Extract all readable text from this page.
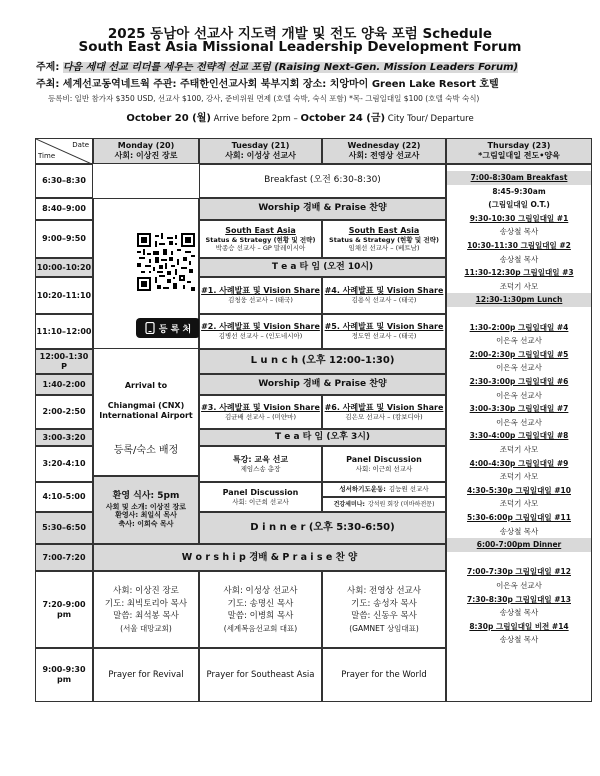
2025 동남아 선교사 지도력 개발 및 전도 양육 포럼 Schedule
South East Asia Missional Leadership Development Forum
주제: 다음 세대 선교 리더를 세우는 전략적 선교 포럼 (Raising Next-Gen. Mission Leaders Forum)
주최: 세계선교동역네트웍 주관: 주태한인선교사회 북부지회 장소: 치앙마이 Green Lake Resort 호텔
등록비: 일반 참가자 $350 USD, 선교사 $100, 강사, 준비위원 면제 (호텔 숙박, 숙식 포함) *목- 그림일대일 $100 (호텔 숙박 숙식)
October 20 (월) Arrive before 2pm – October 24 (금) City Tour/ Departure
Date
Time
Monday (20)
사회: 이상진 장로
Tuesday (21)
사회: 이성상 선교사
Wednesday (22)
사회: 전영상 선교사
Thursday (23)
*그림일대일 전도•양육
6:30–8:30
8:40–9:00
9:00–9:50
10:00-10:20
10:20-11:10
11:10–12:00
12:00-1:30 P
1:40-2:00
2:00-2:50
3:00-3:20
3:20-4:10
4:10-5:00
5:30–6:50
7:00-7:20
7:20-9:00 pm
9:00-9:30 pm
Arrival to
Chiangmai (CNX)
International Airport
등록/숙소 배정
환영 식사: 5pm
사회 및 소개: 이상진 장로
환영사: 최일식 목사
축사: 이희숙 목사
등 록 처
Breakfast (오전 6:30-8:30)
Worship 경배 & Praise 찬양
South East Asia
Status & Strategy (현황 및 전략)
박종승 선교사 – GP 말레이시아
South East Asia
Status & Strategy (현황 및 전략)
임채선 선교사 – (베트남)
T e a 타 임 (오전 10시)
#1. 사례발표 및 Vision Share
김청웅 선교사 – (태국)
#4. 사례발표 및 Vision Share
김용식 선교사 – (태국)
#2. 사례발표 및 Vision Share
김병선 선교사 – (인도네시아)
#5. 사례발표 및 Vision Share
정도연 선교사 – (태국)
L u n c h (오후 12:00-1:30)
Worship 경배 & Praise 찬양
#3. 사례발표 및 Vision Share
김균배 선교사 – (미얀마)
#6. 사례발표 및 Vision Share
김은모 선교사 – (캄보디아)
T e a 타 임 (오후 3시)
특강: 교육 선교
제임스송 총장
Panel Discussion
사회: 이근희 선교사
Panel Discussion
사회: 이근희 선교사
성서하기도운동: 김능원 선교사
건강세미나: 강석원 회장 (미바하전문)
D i n n e r (오후 5:30-6:50)
W o r s h i p 경배 & P r a i s e 찬 양
사회: 이상진 장로
기도: 최빅토리아 목사
말씀: 최석봉 목사
(서울 대망교회)
사회: 이성상 선교사
기도: 송명신 목사
말씀: 이병희 목사
(세계복음선교회 대표)
사회: 전영상 선교사
기도: 송성자 목사
말씀: 신동우 목사
(GAMNET 상임대표)
Prayer for Revival	Prayer for Southeast Asia	Prayer for the World
7:00-8:30am Breakfast
8:45-9:30am
(그림일대일 O.T.)
9:30-10:30 그림일대일 #1
송상철 목사
10:30-11:30 그림일대일 #2
송상철 목사
11:30-12:30p 그림일대일 #3
조덕기 사모
12:30-1:30pm Lunch
1:30-2:00p 그림일대일 #4
이은옥 선교사
2:00-2:30p 그림일대일 #5
이은옥 선교사
2:30-3:00p 그림일대일 #6
이은옥 선교사
3:00-3:30p 그림일대일 #7
이은옥 선교사
3:30-4:00p 그림일대일 #8
조덕기 사모
4:00-4:30p 그림일대일 #9
조덕기 사모
4:30-5:30p 그림일대일 #10
조덕기 사모
5:30-6:00p 그림일대일 #11
송상철 목사
6:00-7:00pm Dinner
7:00-7:30p 그림일대일 #12
이은옥 선교사
7:30-8:30p 그림일대일 #13
송상철 목사
8:30p 그림일대일 비전 #14
송상철 목사
